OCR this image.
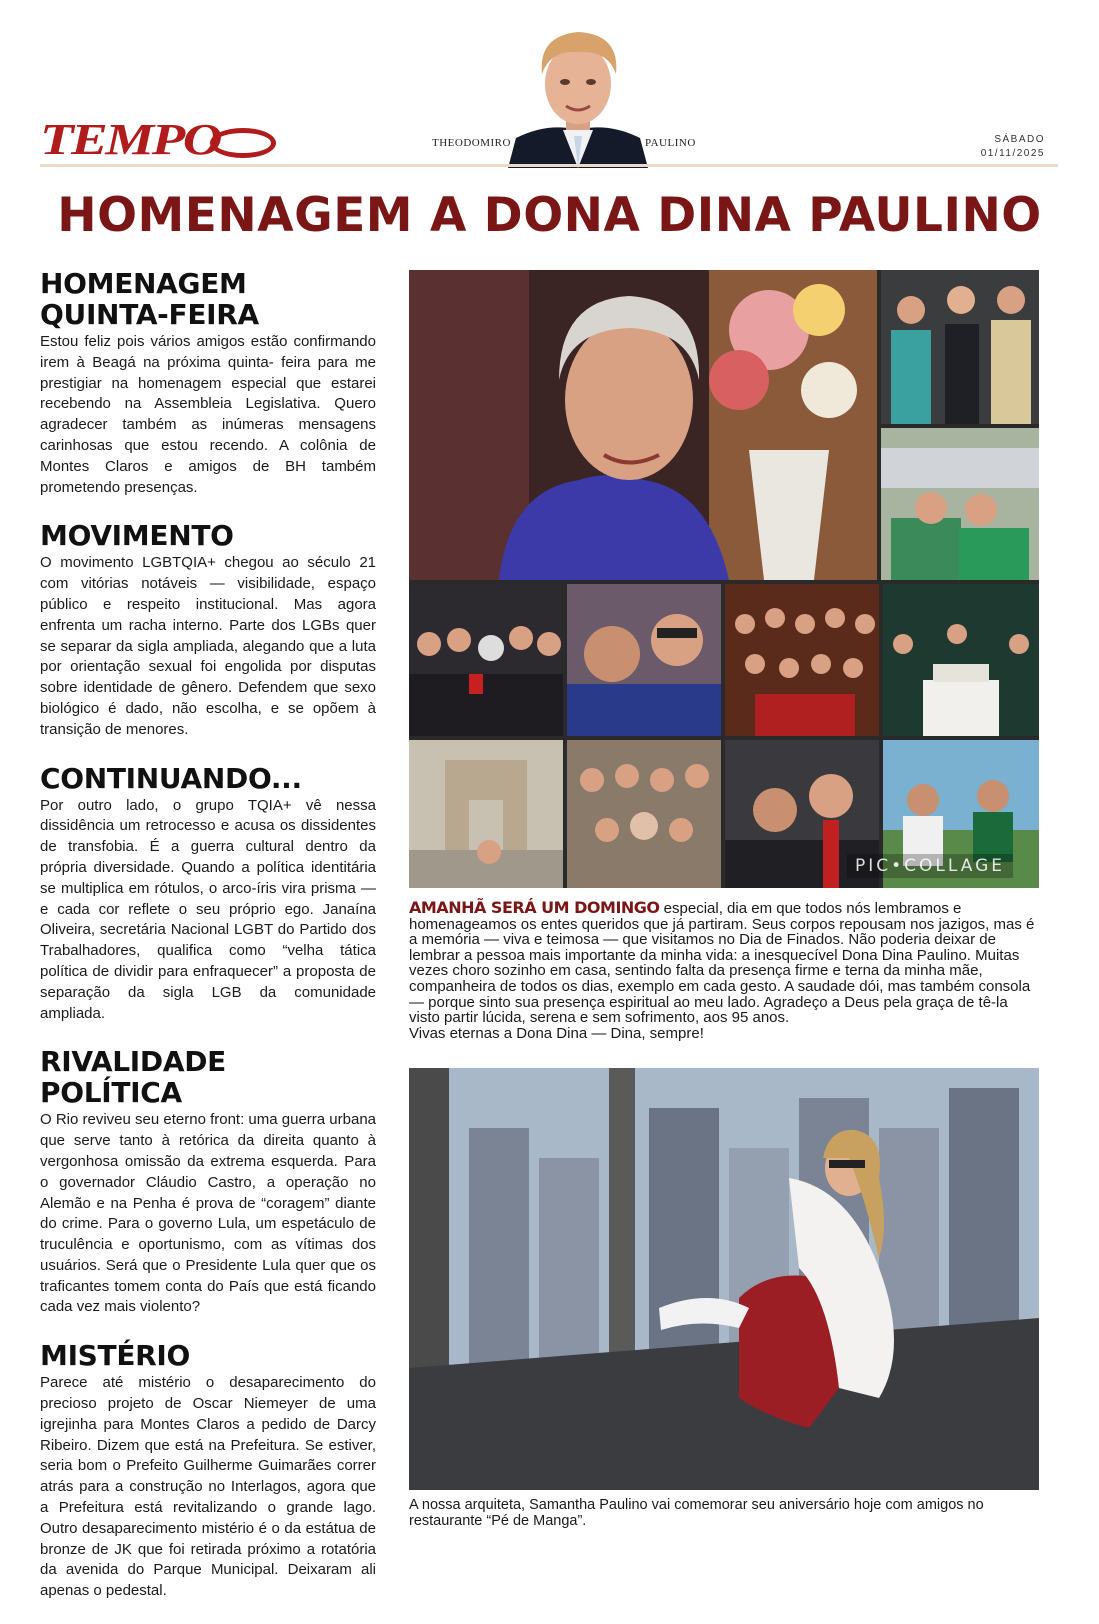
TEMPO	THEODOMIRO	PAULINO	SÁBADO
01/11/2025
HOMENAGEM A DONA DINA PAULINO
HOMENAGEM QUINTA-FEIRA

Estou feliz pois vários amigos estão confirmando irem à Beagá na próxima quinta- feira para me prestigiar na homenagem especial que estarei recebendo na Assembleia Legislativa. Quero agradecer também as inúmeras mensagens carinhosas que estou recendo. A colônia de Montes Claros e amigos de BH também prometendo presenças.

MOVIMENTO

O movimento LGBTQIA+ chegou ao século 21 com vitórias notáveis — visibilidade, espaço público e respeito institucional. Mas agora enfrenta um racha interno. Parte dos LGBs quer se separar da sigla ampliada, alegando que a luta por orientação sexual foi engolida por disputas sobre identidade de gênero. Defendem que sexo biológico é dado, não escolha, e se opõem à transição de menores.

CONTINUANDO...

Por outro lado, o grupo TQIA+ vê nessa dissidência um retrocesso e acusa os dissidentes de transfobia. É a guerra cultural dentro da própria diversidade. Quando a política identitária se multiplica em rótulos, o arco-íris vira prisma — e cada cor reflete o seu próprio ego. Janaína Oliveira, secretária Nacional LGBT do Partido dos Trabalhadores, qualifica como “velha tática política de dividir para enfraquecer” a proposta de separação da sigla LGB da comunidade ampliada.

RIVALIDADE POLÍTICA

O Rio reviveu seu eterno front: uma guerra urbana que serve tanto à retórica da direita quanto à vergonhosa omissão da extrema esquerda. Para o governador Cláudio Castro, a operação no Alemão e na Penha é prova de “coragem” diante do crime. Para o governo Lula, um espetáculo de truculência e oportunismo, com as vítimas dos usuários. Será que o Presidente Lula quer que os traficantes tomem conta do País que está ficando cada vez mais violento?

MISTÉRIO

Parece até mistério o desaparecimento do precioso projeto de Oscar Niemeyer de uma igrejinha para Montes Claros a pedido de Darcy Ribeiro. Dizem que está na Prefeitura. Se estiver, seria bom o Prefeito Guilherme Guimarães correr atrás para a construção no Interlagos, agora que a Prefeitura está revitalizando o grande lago. Outro desaparecimento mistério é o da estátua de bronze de JK que foi retirada próximo a rotatória da avenida do Parque Municipal. Deixaram ali apenas o pedestal.

PIC•COLLAGE

AMANHÃ SERÁ UM DOMINGO especial, dia em que todos nós lembramos e homenageamos os entes queridos que já partiram. Seus corpos repousam nos jazigos, mas é a memória — viva e teimosa — que visitamos no Dia de Finados. Não poderia deixar de lembrar a pessoa mais importante da minha vida: a inesquecível Dona Dina Paulino. Muitas vezes choro sozinho em casa, sentindo falta da presença firme e terna da minha mãe, companheira de todos os dias, exemplo em cada gesto. A saudade dói, mas também consola — porque sinto sua presença espiritual ao meu lado. Agradeço a Deus pela graça de tê-la visto partir lúcida, serena e sem sofrimento, aos 95 anos.
Vivas eternas a Dona Dina — Dina, sempre!

A nossa arquiteta, Samantha Paulino vai comemorar seu aniversário hoje com amigos no restaurante “Pé de Manga”.
